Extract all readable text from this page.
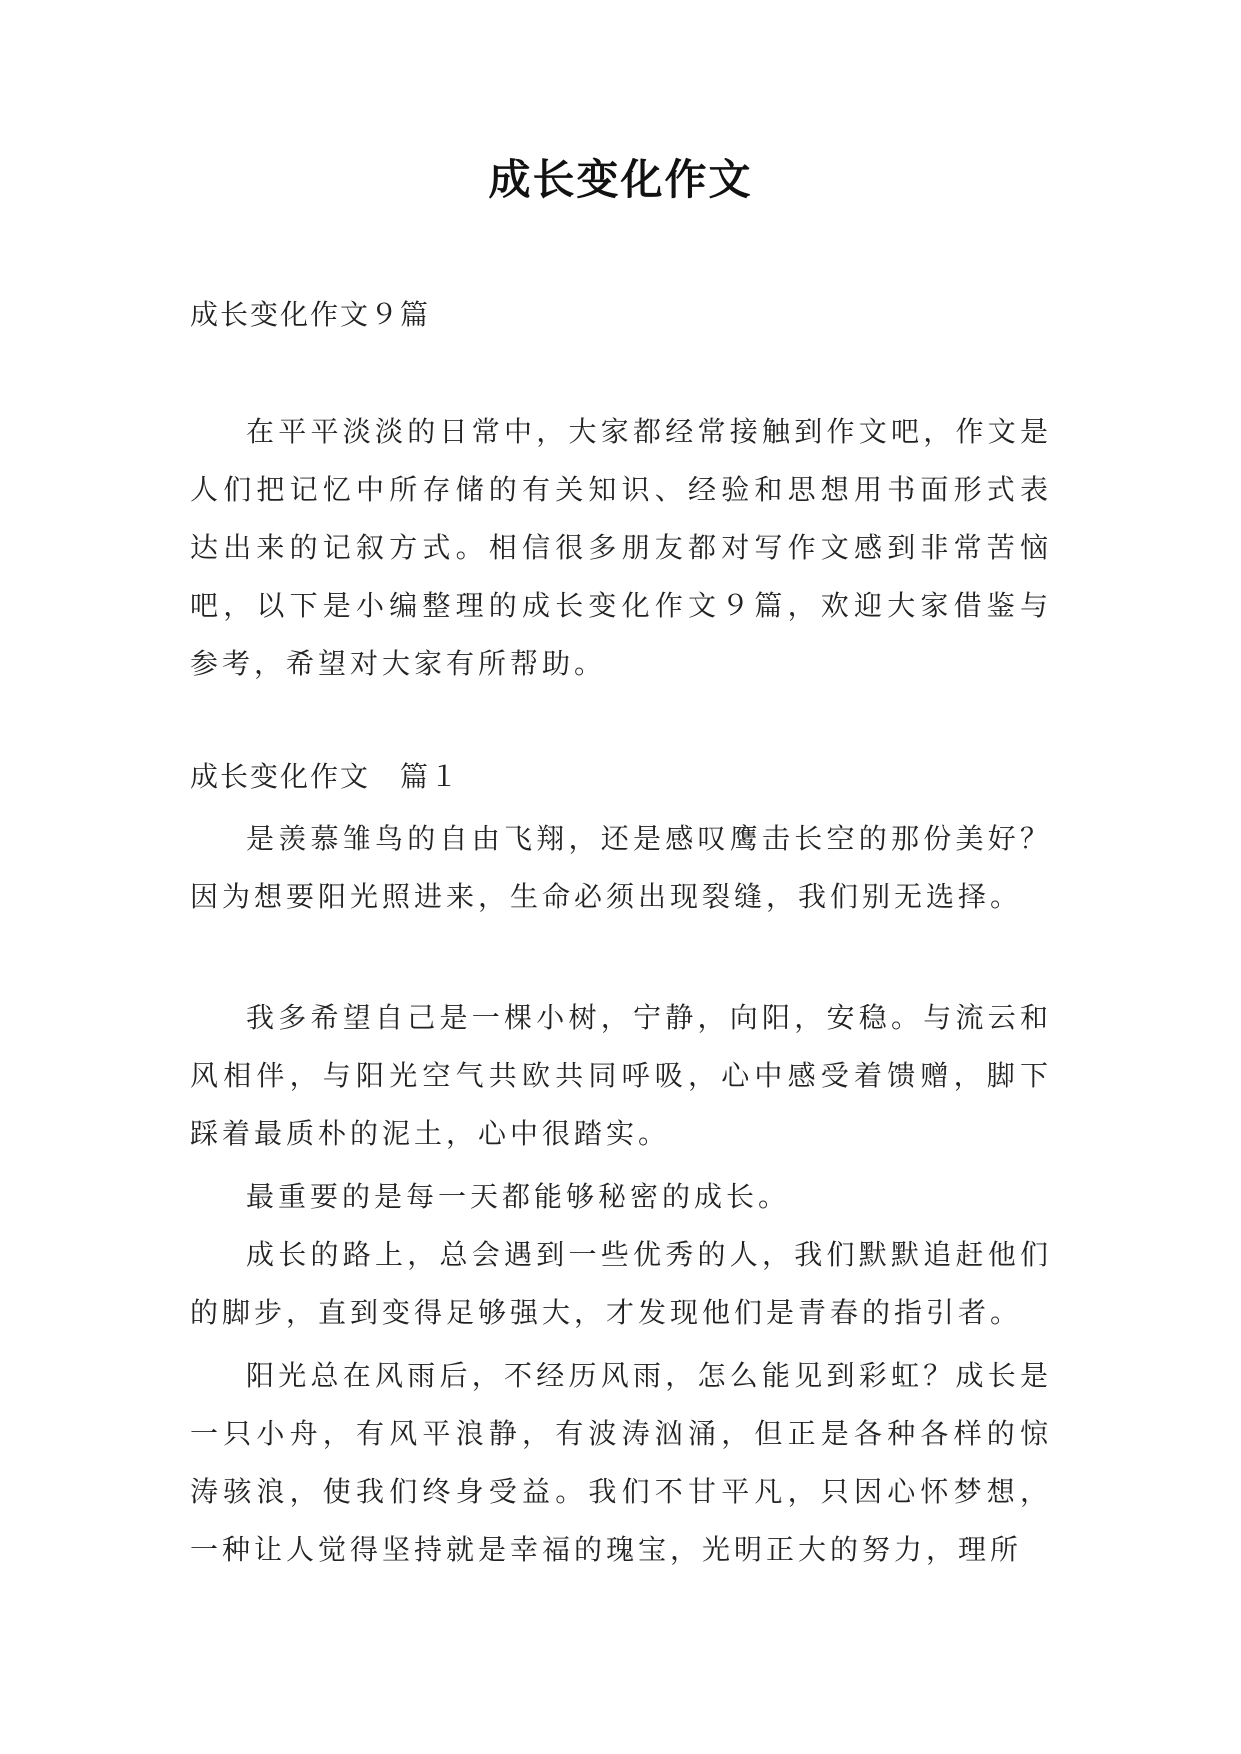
成长变化作文
成长变化作文９篇

在平平淡淡的日常中，大家都经常接触到作文吧，作文是人们把记忆中所存储的有关知识、经验和思想用书面形式表达出来的记叙方式。相信很多朋友都对写作文感到非常苦恼吧，以下是小编整理的成长变化作文９篇，欢迎大家借鉴与参考，希望对大家有所帮助。

成长变化作文　篇１

是羡慕雏鸟的自由飞翔，还是感叹鹰击长空的那份美好？因为想要阳光照进来，生命必须出现裂缝，我们别无选择。

我多希望自己是一棵小树，宁静，向阳，安稳。与流云和风相伴，与阳光空气共欧共同呼吸，心中感受着馈赠，脚下踩着最质朴的泥土，心中很踏实。

最重要的是每一天都能够秘密的成长。

成长的路上，总会遇到一些优秀的人，我们默默追赶他们的脚步，直到变得足够强大，才发现他们是青春的指引者。

阳光总在风雨后，不经历风雨，怎么能见到彩虹？成长是一只小舟，有风平浪静，有波涛汹涌，但正是各种各样的惊涛骇浪，使我们终身受益。我们不甘平凡，只因心怀梦想，一种让人觉得坚持就是幸福的瑰宝，光明正大的努力，理所
